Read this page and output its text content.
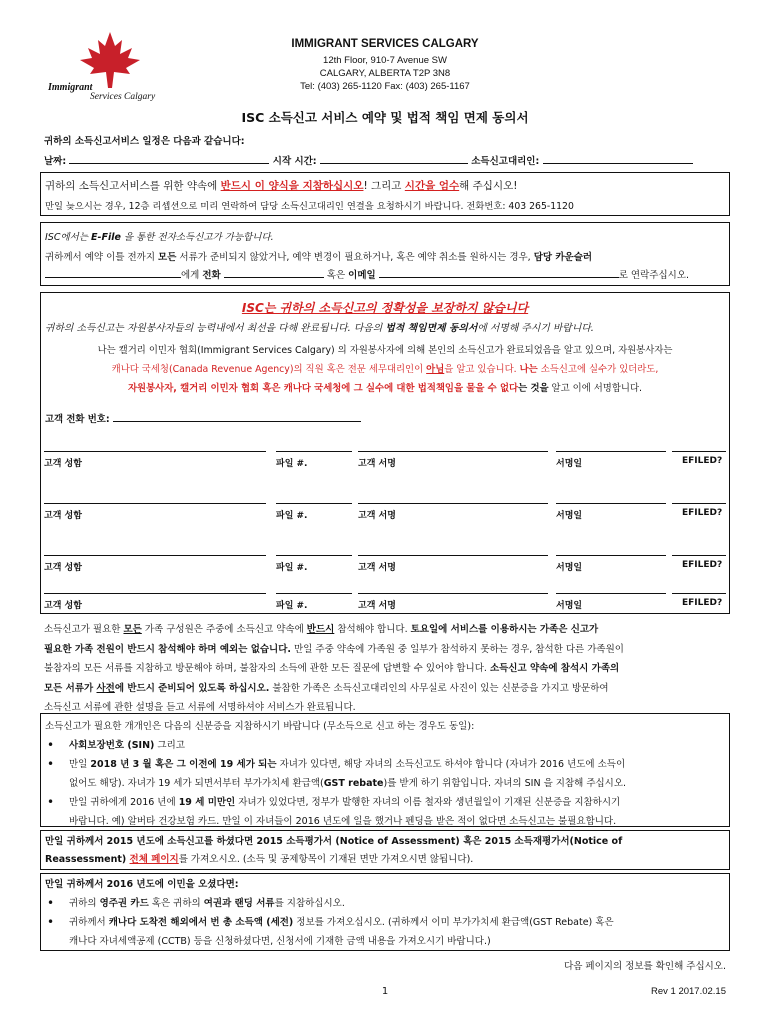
Immigrant
Services Calgary
IMMIGRANT SERVICES CALGARY
12th Floor, 910-7 Avenue SW
CALGARY, ALBERTA T2P 3N8
Tel: (403) 265-1120 Fax: (403) 265-1167
ISC 소득신고 서비스 예약 및 법적 책임 면제 동의서
귀하의 소득신고서비스 일정은 다음과 같습니다:
날짜:	시작 시간:	소득신고대리인:
귀하의 소득신고서비스를 위한 약속에 반드시 이 양식을 지참하십시오! 그리고 시간을 엄수해 주십시오!
만일 늦으시는 경우, 12층 리셉션으로 미리 연락하여 담당 소득신고대리인 연결을 요청하시기 바랍니다. 전화번호: 403 265-1120
ISC에서는 E-File 을 통한 전자소득신고가 가능합니다.
귀하께서 예약 이틀 전까지 모든 서류가 준비되지 않았거나, 예약 변경이 필요하거나, 혹은 예약 취소를 원하시는 경우, 담당 카운슬러
에게 전화	혹은 이메일	로 연락주십시오.
ISC는 귀하의 소득신고의 정확성을 보장하지 않습니다
귀하의 소득신고는 자원봉사자들의 능력내에서 최선을 다해 완료됩니다. 다음의 법적 책임면제 동의서에 서명해 주시기 바랍니다.
나는 캘거리 이민자 협회(Immigrant Services Calgary) 의 자원봉사자에 의해 본인의 소득신고가 완료되었음을 알고 있으며, 자원봉사자는
캐나다 국세청(Canada Revenue Agency)의 직원 혹은 전문 세무대리인이 아님을 알고 있습니다. 나는 소득신고에 실수가 있더라도,
자원봉사자, 캘거리 이민자 협회 혹은 캐나다 국세청에 그 실수에 대한 법적책임을 물을 수 없다는 것을 알고 이에 서명합니다.
고객 전화 번호:
고객 성함	파일 #.	고객 서명	서명일	EFILED?
고객 성함	파일 #.	고객 서명	서명일	EFILED?
고객 성함	파일 #.	고객 서명	서명일	EFILED?
고객 성함	파일 #.	고객 서명	서명일	EFILED?
소득신고가 필요한 모든 가족 구성원은 주중에 소득신고 약속에 반드시 참석해야 합니다. 토요일에 서비스를 이용하시는 가족은 신고가
필요한 가족 전원이 반드시 참석해야 하며 예외는 없습니다. 만일 주중 약속에 가족원 중 일부가 참석하지 못하는 경우, 참석한 다른 가족원이
불참자의 모든 서류를 지참하고 방문해야 하며, 불참자의 소득에 관한 모든 질문에 답변할 수 있어야 합니다. 소득신고 약속에 참석시 가족의
모든 서류가 사전에 반드시 준비되어 있도록 하십시오. 불참한 가족은 소득신고대리인의 사무실로 사진이 있는 신분증을 가지고 방문하여
소득신고 서류에 관한 설명을 듣고 서류에 서명하셔야 서비스가 완료됩니다.
소득신고가 필요한 개개인은 다음의 신분증을 지참하시기 바랍니다 (무소득으로 신고 하는 경우도 동일):
• 사회보장번호 (SIN) 그리고
• 만일 2018 년 3 월 혹은 그 이전에 19 세가 되는 자녀가 있다면, 해당 자녀의 소득신고도 하셔야 합니다 (자녀가 2016 년도에 소득이
없어도 해당). 자녀가 19 세가 되면서부터 부가가치세 환급액(GST rebate)를 받게 하기 위함입니다. 자녀의 SIN 을 지참해 주십시오.
• 만일 귀하에게 2016 년에 19 세 미만인 자녀가 있었다면, 정부가 발행한 자녀의 이름 철자와 생년월일이 기재된 신분증을 지참하시기
바랍니다. 예) 알버타 건강보험 카드. 만일 이 자녀들이 2016 년도에 일을 했거나 펜딩을 받은 적이 없다면 소득신고는 불필요합니다.
만일 귀하께서 2015 년도에 소득신고를 하셨다면 2015 소득평가서 (Notice of Assessment) 혹은 2015 소득재평가서(Notice of
Reassessment) 전체 페이지를 가져오시오. (소득 및 공제항목이 기재된 면만 가져오시면 않됩니다).
만일 귀하께서 2016 년도에 이민을 오셨다면:
• 귀하의 영주권 카드 혹은 귀하의 여권과 랜딩 서류를 지참하십시오.
• 귀하께서 캐나다 도착전 해외에서 번 총 소득액 (세전) 정보를 가져오십시오. (귀하께서 이미 부가가치세 환급액(GST Rebate) 혹은
캐나다 자녀세액공제 (CCTB) 등을 신청하셨다면, 신청서에 기재한 금액 내용을 가져오시기 바랍니다.)
다음 페이지의 정보를 확인해 주십시오.
1	Rev 1 2017.02.15
